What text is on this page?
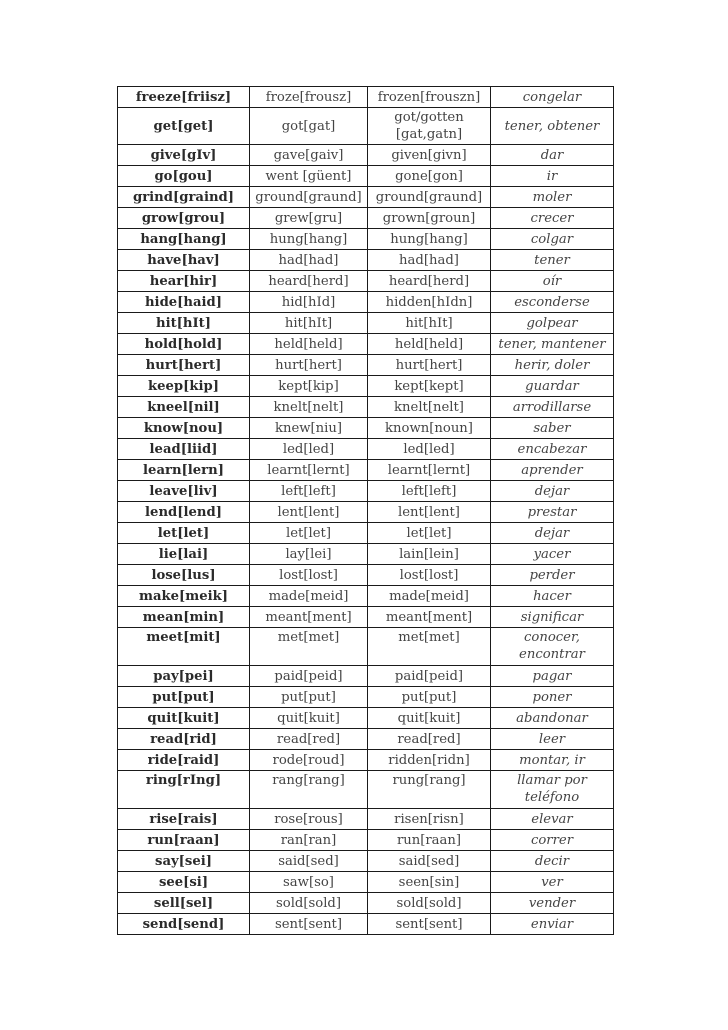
freeze[friisz]	froze[frousz]	frozen[frouszn]	congelar
get[get]	got[gat]	got/gotten [gat,gatn]	tener, obtener
give[gIv]	gave[gaiv]	given[givn]	dar
go[gou]	went [güent]	gone[gon]	ir
grind[graind]	ground[graund]	ground[graund]	moler
grow[grou]	grew[gru]	grown[groun]	crecer
hang[hang]	hung[hang]	hung[hang]	colgar
have[hav]	had[had]	had[had]	tener
hear[hir]	heard[herd]	heard[herd]	oír
hide[haid]	hid[hId]	hidden[hIdn]	esconderse
hit[hIt]	hit[hIt]	hit[hIt]	golpear
hold[hold]	held[held]	held[held]	tener, mantener
hurt[hert]	hurt[hert]	hurt[hert]	herir, doler
keep[kip]	kept[kip]	kept[kept]	guardar
kneel[nil]	knelt[nelt]	knelt[nelt]	arrodillarse
know[nou]	knew[niu]	known[noun]	saber
lead[liid]	led[led]	led[led]	encabezar
learn[lern]	learnt[lernt]	learnt[lernt]	aprender
leave[liv]	left[left]	left[left]	dejar
lend[lend]	lent[lent]	lent[lent]	prestar
let[let]	let[let]	let[let]	dejar
lie[lai]	lay[lei]	lain[lein]	yacer
lose[lus]	lost[lost]	lost[lost]	perder
make[meik]	made[meid]	made[meid]	hacer
mean[min]	meant[ment]	meant[ment]	significar
meet[mit]	met[met]	met[met]	conocer, encontrar
pay[pei]	paid[peid]	paid[peid]	pagar
put[put]	put[put]	put[put]	poner
quit[kuit]	quit[kuit]	quit[kuit]	abandonar
read[rid]	read[red]	read[red]	leer
ride[raid]	rode[roud]	ridden[ridn]	montar, ir
ring[rIng]	rang[rang]	rung[rang]	llamar por teléfono
rise[rais]	rose[rous]	risen[risn]	elevar
run[raan]	ran[ran]	run[raan]	correr
say[sei]	said[sed]	said[sed]	decir
see[si]	saw[so]	seen[sin]	ver
sell[sel]	sold[sold]	sold[sold]	vender
send[send]	sent[sent]	sent[sent]	enviar
